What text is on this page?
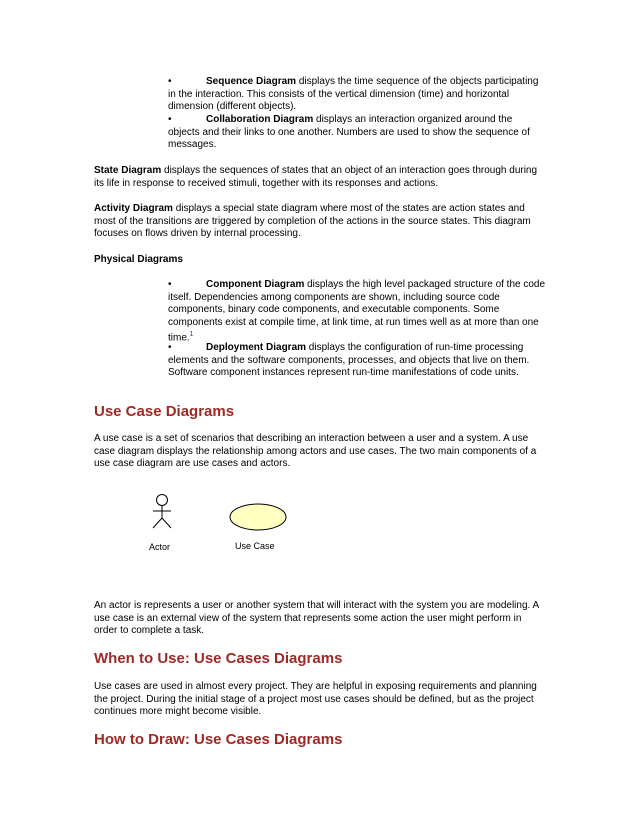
•Sequence Diagram displays the time sequence of the objects participating in the interaction. This consists of the vertical dimension (time) and horizontal dimension (different objects).

•Collaboration Diagram displays an interaction organized around the objects and their links to one another. Numbers are used to show the sequence of messages.

State Diagram displays the sequences of states that an object of an interaction goes through during its life in response to received stimuli, together with its responses and actions.

Activity Diagram displays a special state diagram where most of the states are action states and most of the transitions are triggered by completion of the actions in the source states. This diagram focuses on flows driven by internal processing.

Physical Diagrams

•Component Diagram displays the high level packaged structure of the code itself. Dependencies among components are shown, including source code components, binary code components, and executable components. Some components exist at compile time, at link time, at run times well as at more than one time.$^1$

•Deployment Diagram displays the configuration of run-time processing elements and the software components, processes, and objects that live on them. Software component instances represent run-time manifestations of code units.

Use Case Diagrams

A use case is a set of scenarios that describing an interaction between a user and a system. A use case diagram displays the relationship among actors and use cases. The two main components of a use case diagram are use cases and actors.

Actor	Use Case

An actor is represents a user or another system that will interact with the system you are modeling. A use case is an external view of the system that represents some action the user might perform in order to complete a task.

When to Use: Use Cases Diagrams

Use cases are used in almost every project. They are helpful in exposing requirements and planning the project. During the initial stage of a project most use cases should be defined, but as the project continues more might become visible.

How to Draw: Use Cases Diagrams
